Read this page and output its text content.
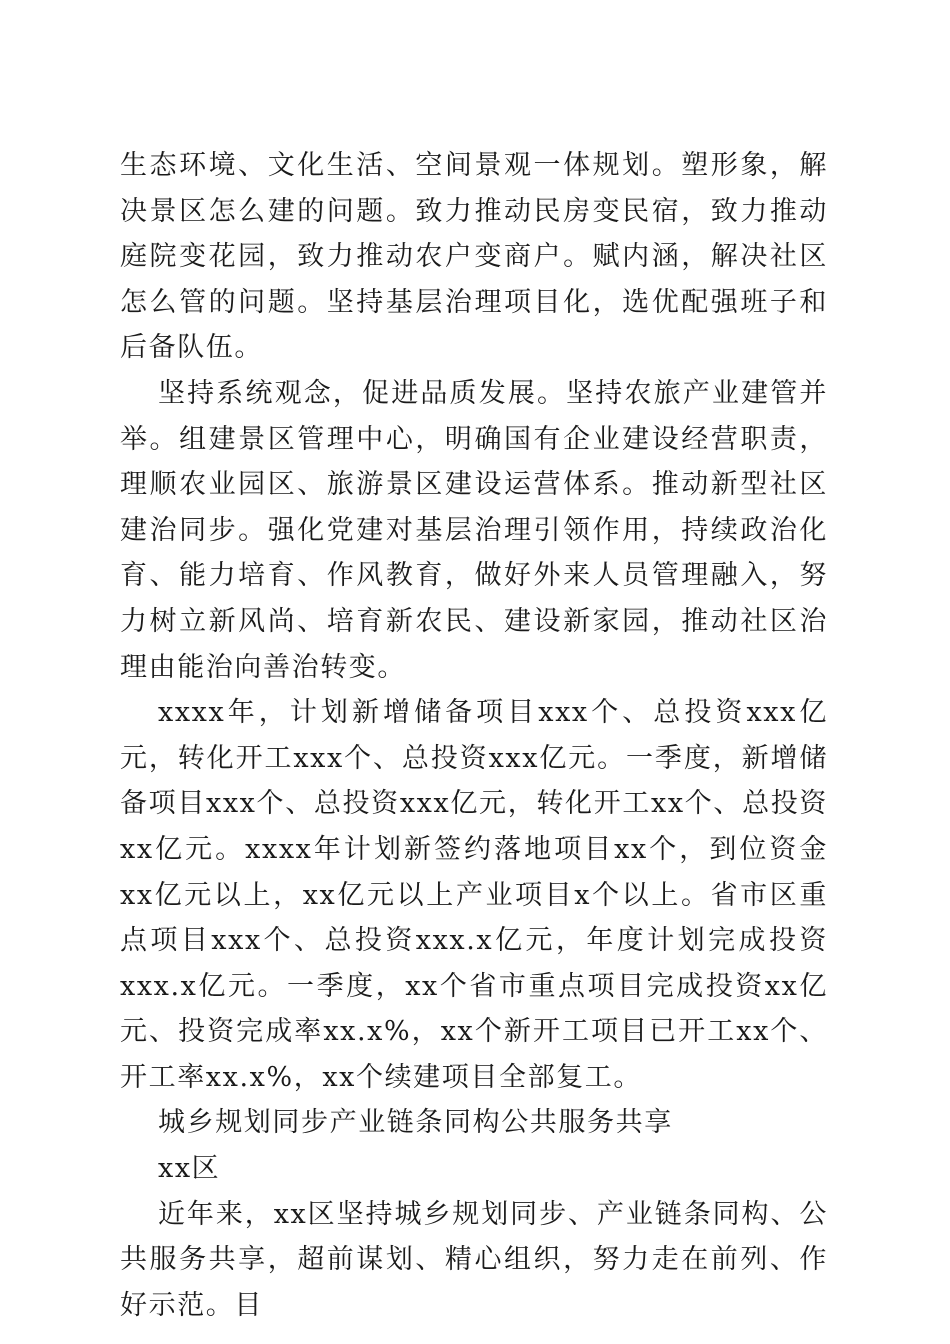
生态环境、文化生活、空间景观一体规划。塑形象，解决景区怎么建的问题。致力推动民房变民宿，致力推动庭院变花园，致力推动农户变商户。赋内涵，解决社区怎么管的问题。坚持基层治理项目化，选优配强班子和后备队伍。

坚持系统观念，促进品质发展。坚持农旅产业建管并举。组建景区管理中心，明确国有企业建设经营职责，理顺农业园区、旅游景区建设运营体系。推动新型社区建治同步。强化党建对基层治理引领作用，持续政治化育、能力培育、作风教育，做好外来人员管理融入，努力树立新风尚、培育新农民、建设新家园，推动社区治理由能治向善治转变。

xxxx年，计划新增储备项目xxx个、总投资xxx亿元，转化开工xxx个、总投资xxx亿元。一季度，新增储备项目xxx个、总投资xxx亿元，转化开工xx个、总投资xx亿元。xxxx年计划新签约落地项目xx个，到位资金xx亿元以上，xx亿元以上产业项目x个以上。省市区重点项目xxx个、总投资xxx.x亿元，年度计划完成投资xxx.x亿元。一季度，xx个省市重点项目完成投资xx亿元、投资完成率xx.x%，xx个新开工项目已开工xx个、开工率xx.x%，xx个续建项目全部复工。

城乡规划同步产业链条同构公共服务共享

xx区

近年来，xx区坚持城乡规划同步、产业链条同构、公共服务共享，超前谋划、精心组织，努力走在前列、作好示范。目
